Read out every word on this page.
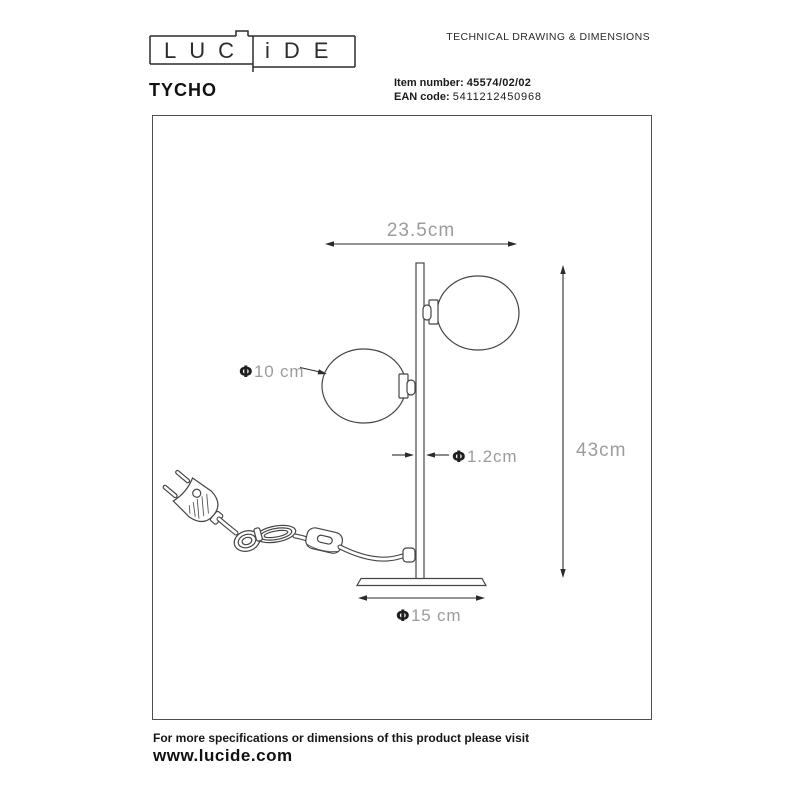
LUC iDE
TECHNICAL DRAWING & DIMENSIONS
TYCHO	Item number: 45574/02/02
EAN code: 5411212450968
23.5cm
43cm
Φ 1.2cm
Φ 15 cm
Φ 10 cm
For more specifications or dimensions of this product please visit
www.lucide.com
